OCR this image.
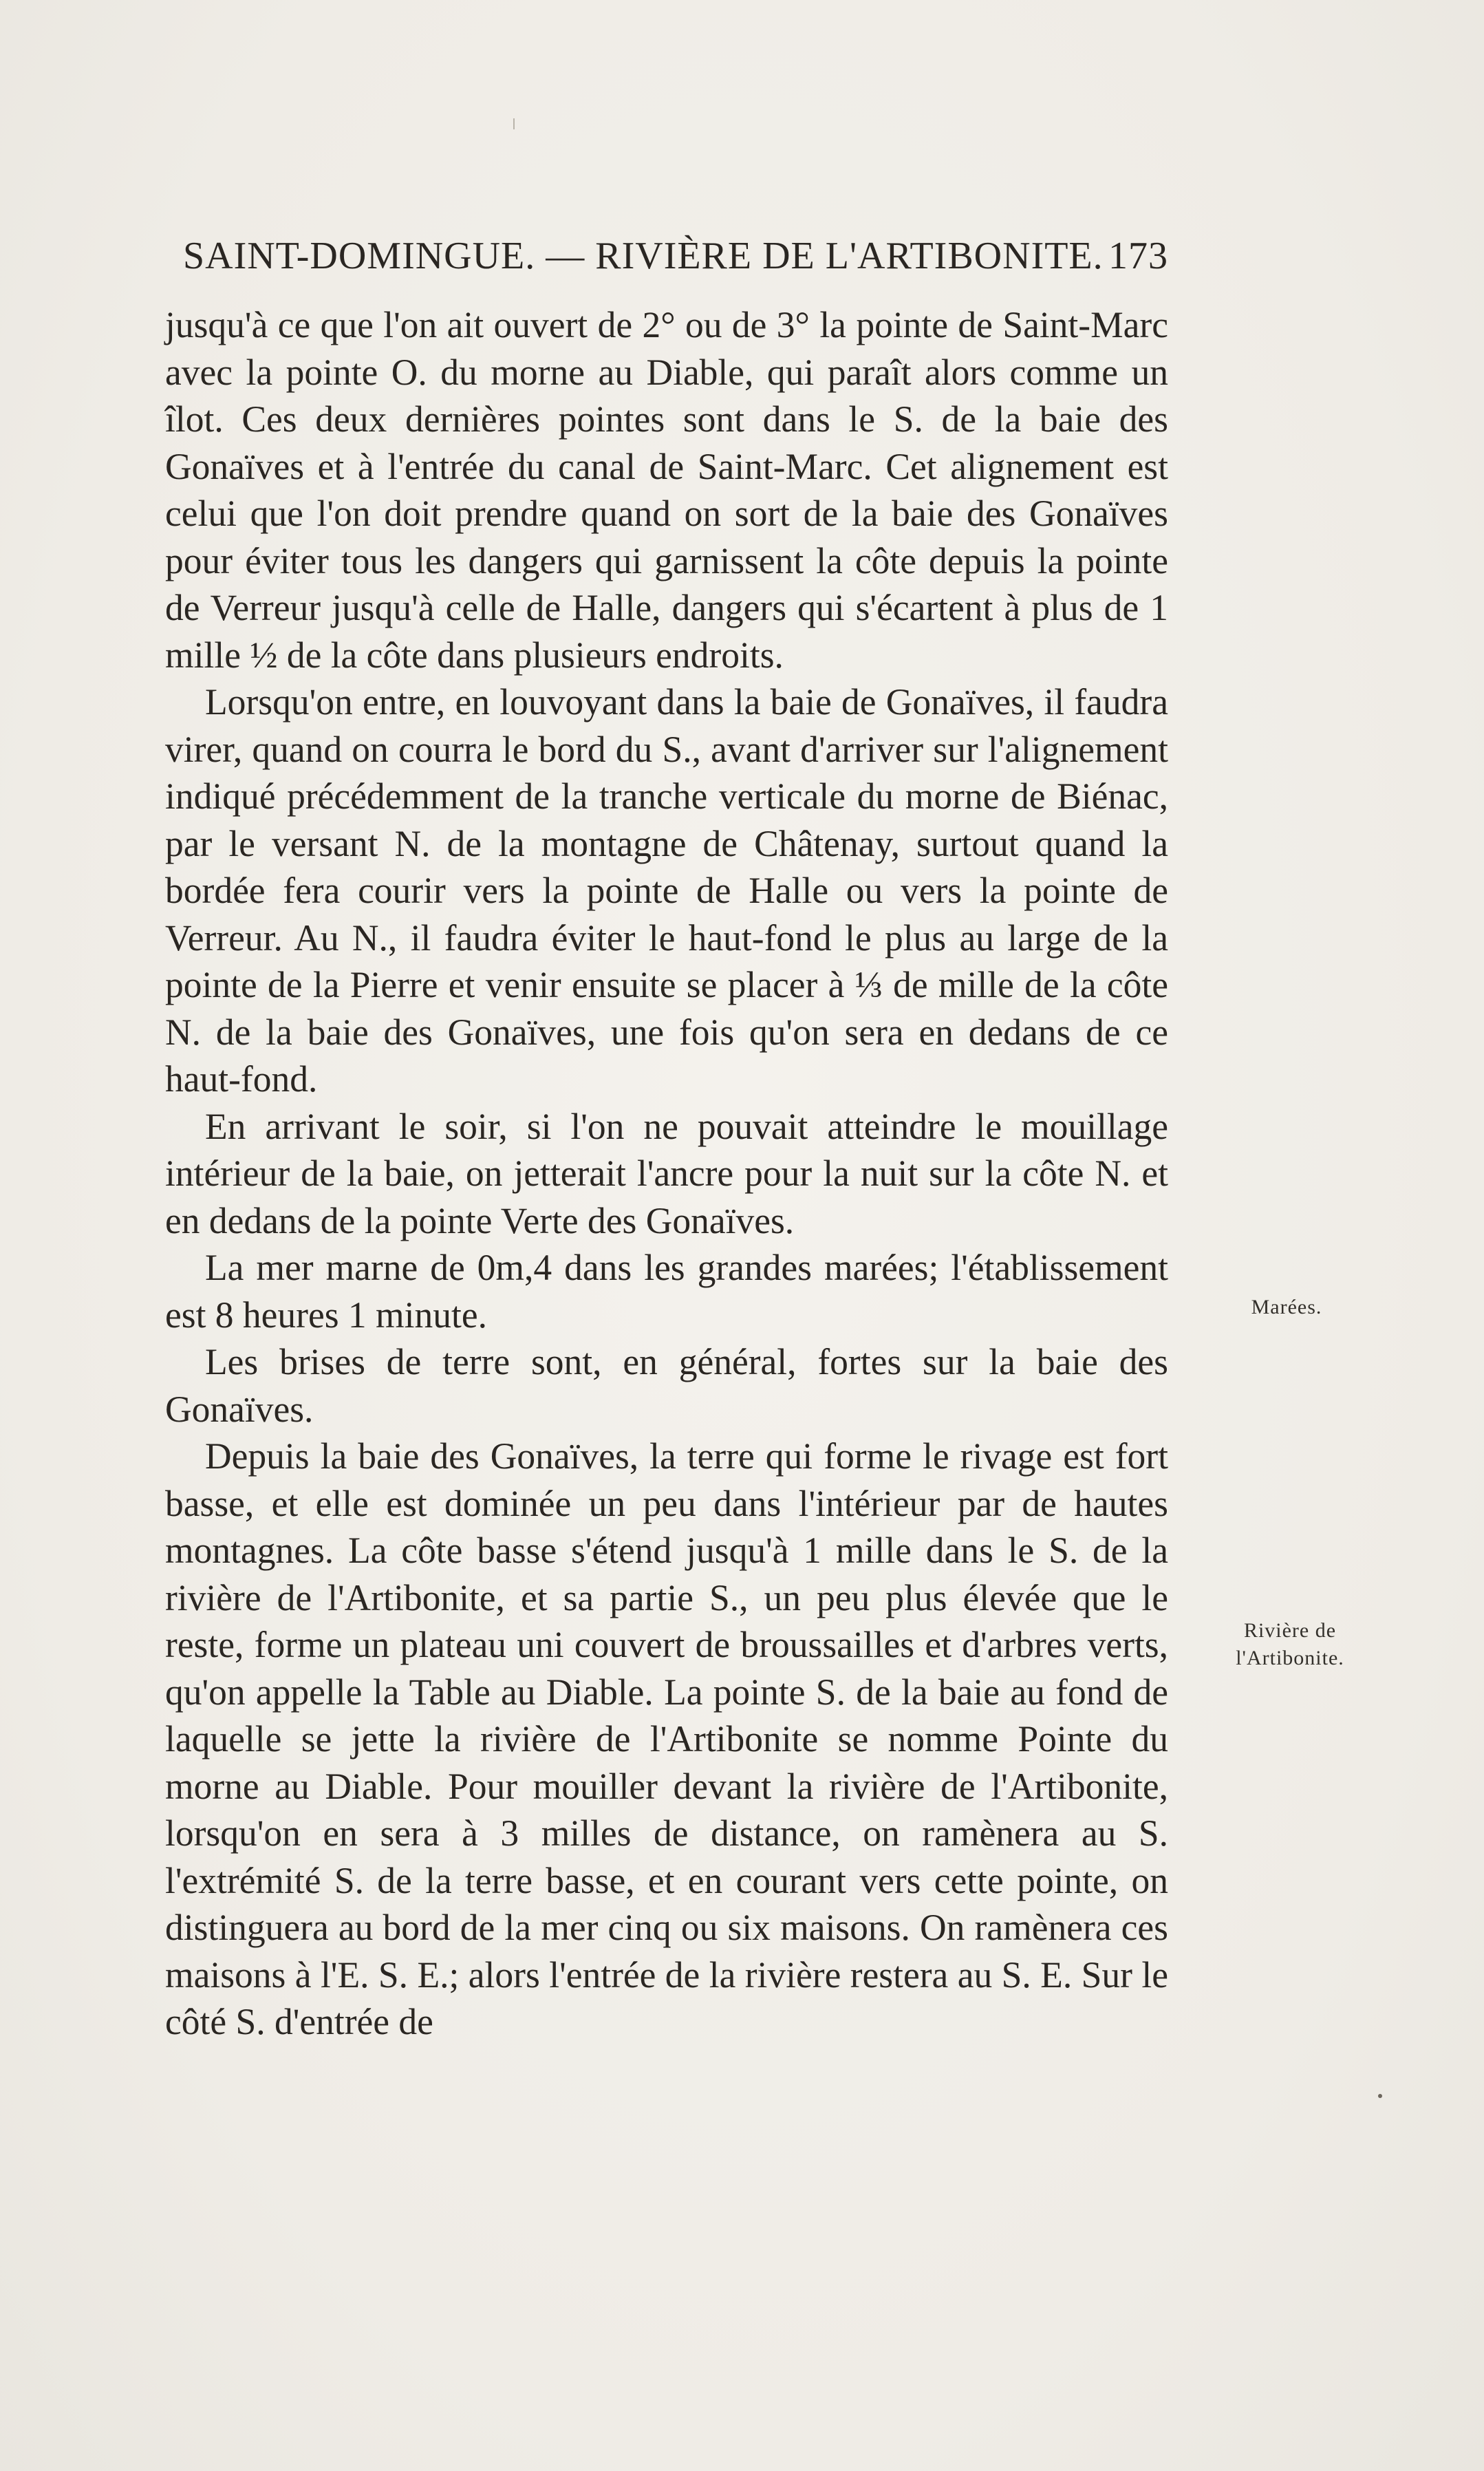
SAINT-DOMINGUE. — RIVIÈRE DE L'ARTIBONITE. 173

jusqu'à ce que l'on ait ouvert de 2° ou de 3° la pointe de Saint-Marc avec la pointe O. du morne au Diable, qui paraît alors comme un îlot. Ces deux dernières pointes sont dans le S. de la baie des Gonaïves et à l'entrée du canal de Saint-Marc. Cet alignement est celui que l'on doit prendre quand on sort de la baie des Gonaïves pour éviter tous les dangers qui garnissent la côte depuis la pointe de Verreur jusqu'à celle de Halle, dangers qui s'écartent à plus de 1 mille ½ de la côte dans plusieurs endroits.

Lorsqu'on entre, en louvoyant dans la baie de Gonaïves, il faudra virer, quand on courra le bord du S., avant d'arriver sur l'alignement indiqué précédemment de la tranche verticale du morne de Biénac, par le versant N. de la montagne de Châtenay, surtout quand la bordée fera courir vers la pointe de Halle ou vers la pointe de Verreur. Au N., il faudra éviter le haut-fond le plus au large de la pointe de la Pierre et venir ensuite se placer à ⅓ de mille de la côte N. de la baie des Gonaïves, une fois qu'on sera en dedans de ce haut-fond.

En arrivant le soir, si l'on ne pouvait atteindre le mouillage intérieur de la baie, on jetterait l'ancre pour la nuit sur la côte N. et en dedans de la pointe Verte des Gonaïves.

La mer marne de 0m,4 dans les grandes marées; l'établissement est 8 heures 1 minute.

Les brises de terre sont, en général, fortes sur la baie des Gonaïves.

Depuis la baie des Gonaïves, la terre qui forme le rivage est fort basse, et elle est dominée un peu dans l'intérieur par de hautes montagnes. La côte basse s'étend jusqu'à 1 mille dans le S. de la rivière de l'Artibonite, et sa partie S., un peu plus élevée que le reste, forme un plateau uni couvert de broussailles et d'arbres verts, qu'on appelle la Table au Diable. La pointe S. de la baie au fond de laquelle se jette la rivière de l'Artibonite se nomme Pointe du morne au Diable. Pour mouiller devant la rivière de l'Artibonite, lorsqu'on en sera à 3 milles de distance, on ramènera au S. l'extrémité S. de la terre basse, et en courant vers cette pointe, on distinguera au bord de la mer cinq ou six maisons. On ramènera ces maisons à l'E. S. E.; alors l'entrée de la rivière restera au S. E. Sur le côté S. d'entrée de

Marées.
Rivière de l'Artibonite.
